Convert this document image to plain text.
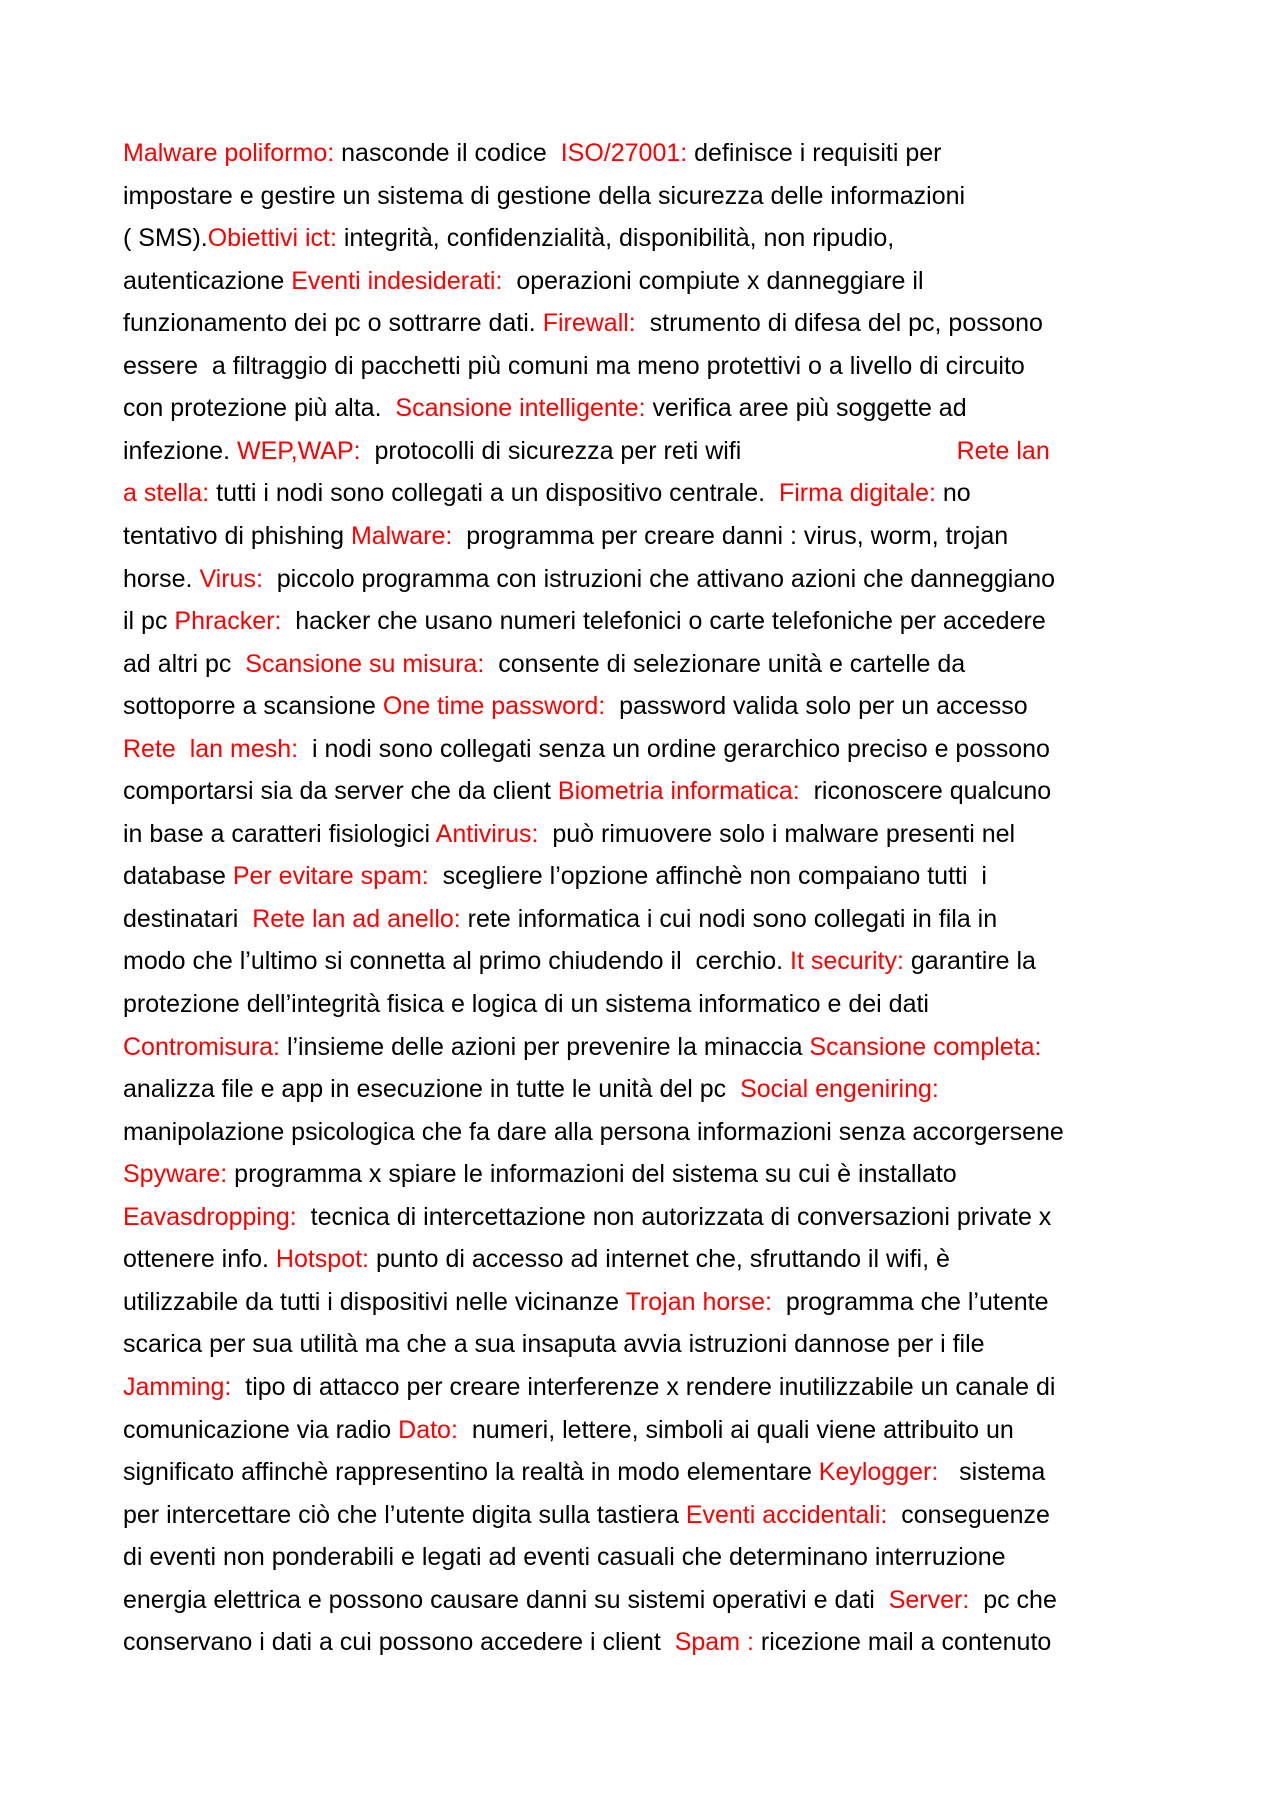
Malware poliformo: nasconde il codice  ISO/27001: definisce i requisiti per
impostare e gestire un sistema di gestione della sicurezza delle informazioni
( SMS).Obiettivi ict: integrità, confidenzialità, disponibilità, non ripudio,
autenticazione Eventi indesiderati:  operazioni compiute x danneggiare il
funzionamento dei pc o sottrarre dati. Firewall:  strumento di difesa del pc, possono
essere  a filtraggio di pacchetti più comuni ma meno protettivi o a livello di circuito
con protezione più alta.  Scansione intelligente: verifica aree più soggette ad
infezione. WEP,WAP:  protocolli di sicurezza per reti wifi                               Rete lan
a stella: tutti i nodi sono collegati a un dispositivo centrale.  Firma digitale: no
tentativo di phishing Malware:  programma per creare danni : virus, worm, trojan
horse. Virus:  piccolo programma con istruzioni che attivano azioni che danneggiano
il pc Phracker:  hacker che usano numeri telefonici o carte telefoniche per accedere
ad altri pc  Scansione su misura:  consente di selezionare unità e cartelle da
sottoporre a scansione One time password:  password valida solo per un accesso
Rete  lan mesh:  i nodi sono collegati senza un ordine gerarchico preciso e possono
comportarsi sia da server che da client Biometria informatica:  riconoscere qualcuno
in base a caratteri fisiologici Antivirus:  può rimuovere solo i malware presenti nel
database Per evitare spam:  scegliere l’opzione affinchè non compaiano tutti  i
destinatari  Rete lan ad anello: rete informatica i cui nodi sono collegati in fila in
modo che l’ultimo si connetta al primo chiudendo il  cerchio. It security: garantire la
protezione dell’integrità fisica e logica di un sistema informatico e dei dati
Contromisura: l’insieme delle azioni per prevenire la minaccia Scansione completa:
analizza file e app in esecuzione in tutte le unità del pc  Social engeniring:
manipolazione psicologica che fa dare alla persona informazioni senza accorgersene
Spyware: programma x spiare le informazioni del sistema su cui è installato
Eavasdropping:  tecnica di intercettazione non autorizzata di conversazioni private x
ottenere info. Hotspot: punto di accesso ad internet che, sfruttando il wifi, è
utilizzabile da tutti i dispositivi nelle vicinanze Trojan horse:  programma che l’utente
scarica per sua utilità ma che a sua insaputa avvia istruzioni dannose per i file
Jamming:  tipo di attacco per creare interferenze x rendere inutilizzabile un canale di
comunicazione via radio Dato:  numeri, lettere, simboli ai quali viene attribuito un
significato affinchè rappresentino la realtà in modo elementare Keylogger:   sistema
per intercettare ciò che l’utente digita sulla tastiera Eventi accidentali:  conseguenze
di eventi non ponderabili e legati ad eventi casuali che determinano interruzione
energia elettrica e possono causare danni su sistemi operativi e dati  Server:  pc che
conservano i dati a cui possono accedere i client  Spam : ricezione mail a contenuto
